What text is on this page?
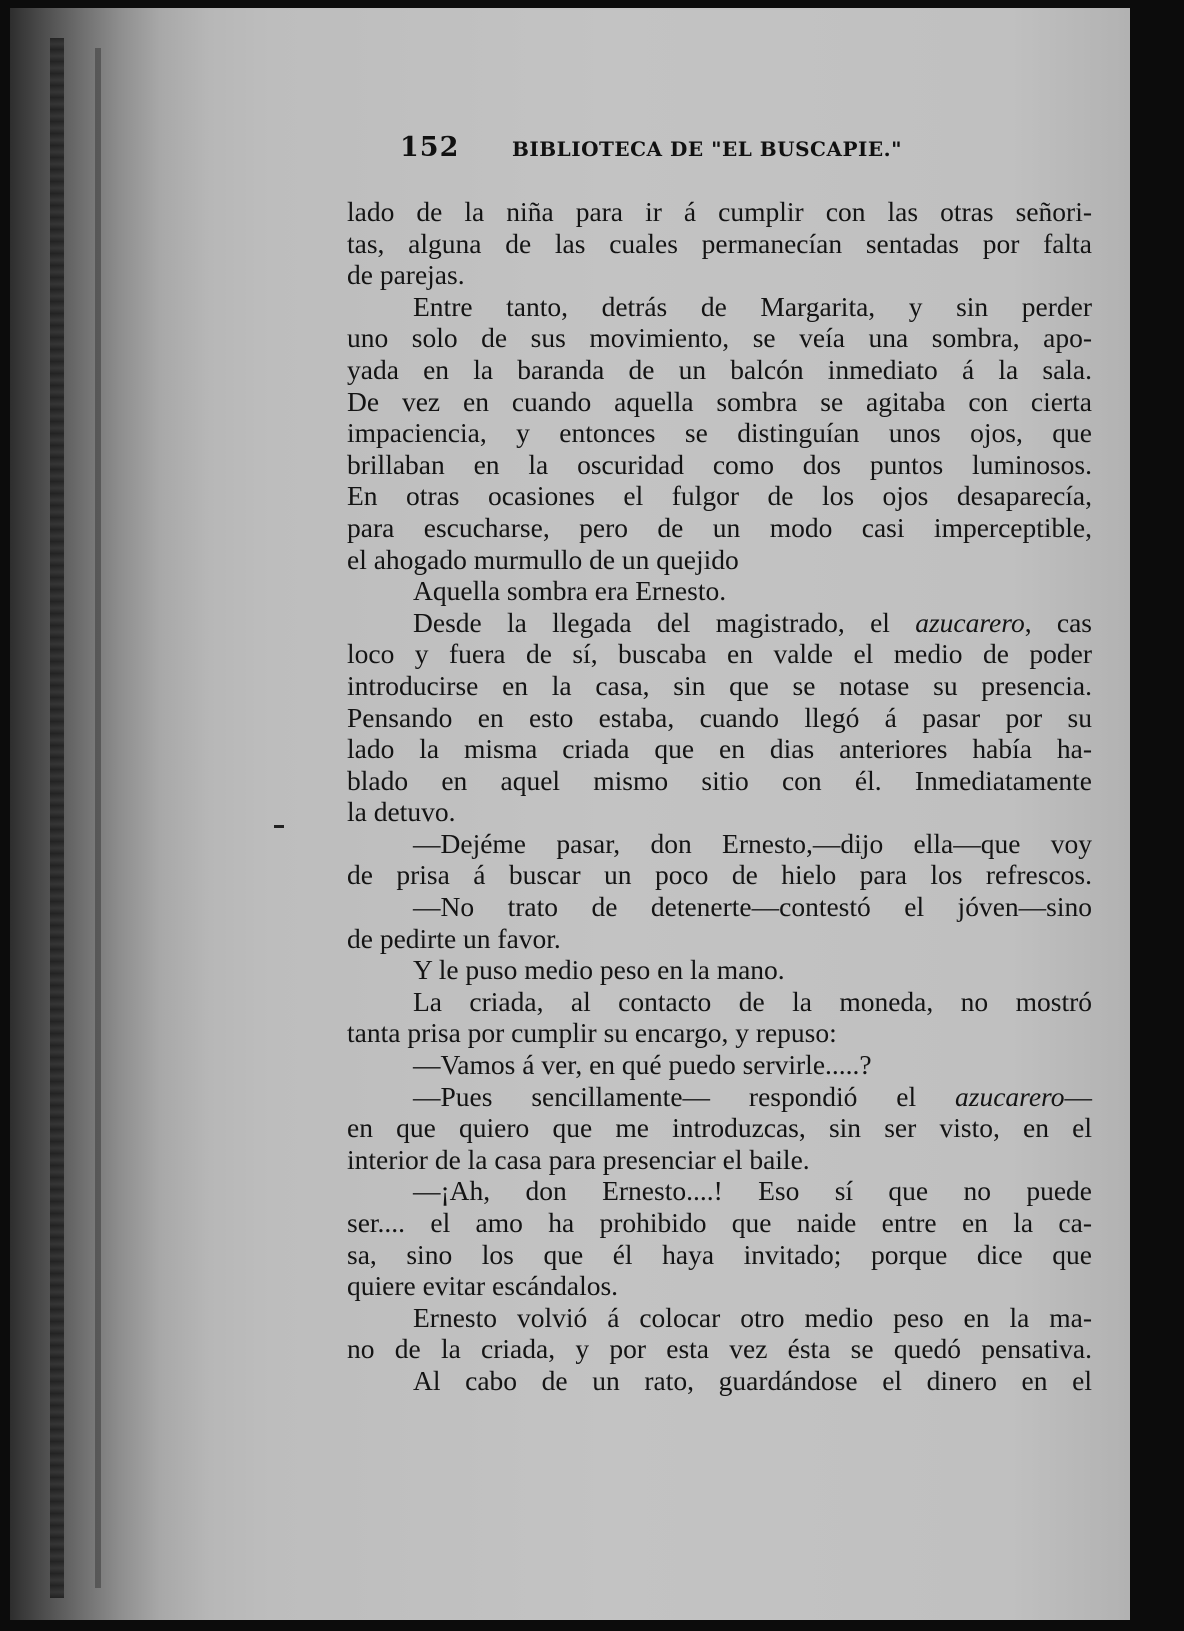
152	BIBLIOTECA DE "EL BUSCAPIE."
lado de la niña para ir á cumplir con las otras señori-
tas, alguna de las cuales permanecían sentadas por falta
de parejas.
Entre tanto, detrás de Margarita, y sin perder
uno solo de sus movimiento, se veía una sombra, apo-
yada en la baranda de un balcón inmediato á la sala.
De vez en cuando aquella sombra se agitaba con cierta
impaciencia, y entonces se distinguían unos ojos, que
brillaban en la oscuridad como dos puntos luminosos.
En otras ocasiones el fulgor de los ojos desaparecía,
para escucharse, pero de un modo casi imperceptible,
el ahogado murmullo de un quejido
Aquella sombra era Ernesto.
Desde la llegada del magistrado, el azucarero, cas
loco y fuera de sí, buscaba en valde el medio de poder
introducirse en la casa, sin que se notase su presencia.
Pensando en esto estaba, cuando llegó á pasar por su
lado la misma criada que en dias anteriores había ha-
blado en aquel mismo sitio con él. Inmediatamente
la detuvo.
—Dejéme pasar, don Ernesto,—dijo ella—que voy
de prisa á buscar un poco de hielo para los refrescos.
—No trato de detenerte—contestó el jóven—sino
de pedirte un favor.
Y le puso medio peso en la mano.
La criada, al contacto de la moneda, no mostró
tanta prisa por cumplir su encargo, y repuso:
—Vamos á ver, en qué puedo servirle.....?
—Pues sencillamente— respondió el azucarero—
en que quiero que me introduzcas, sin ser visto, en el
interior de la casa para presenciar el baile.
—¡Ah, don Ernesto....! Eso sí que no puede
ser.... el amo ha prohibido que naide entre en la ca-
sa, sino los que él haya invitado; porque dice que
quiere evitar escándalos.
Ernesto volvió á colocar otro medio peso en la ma-
no de la criada, y por esta vez ésta se quedó pensativa.
Al cabo de un rato, guardándose el dinero en el
